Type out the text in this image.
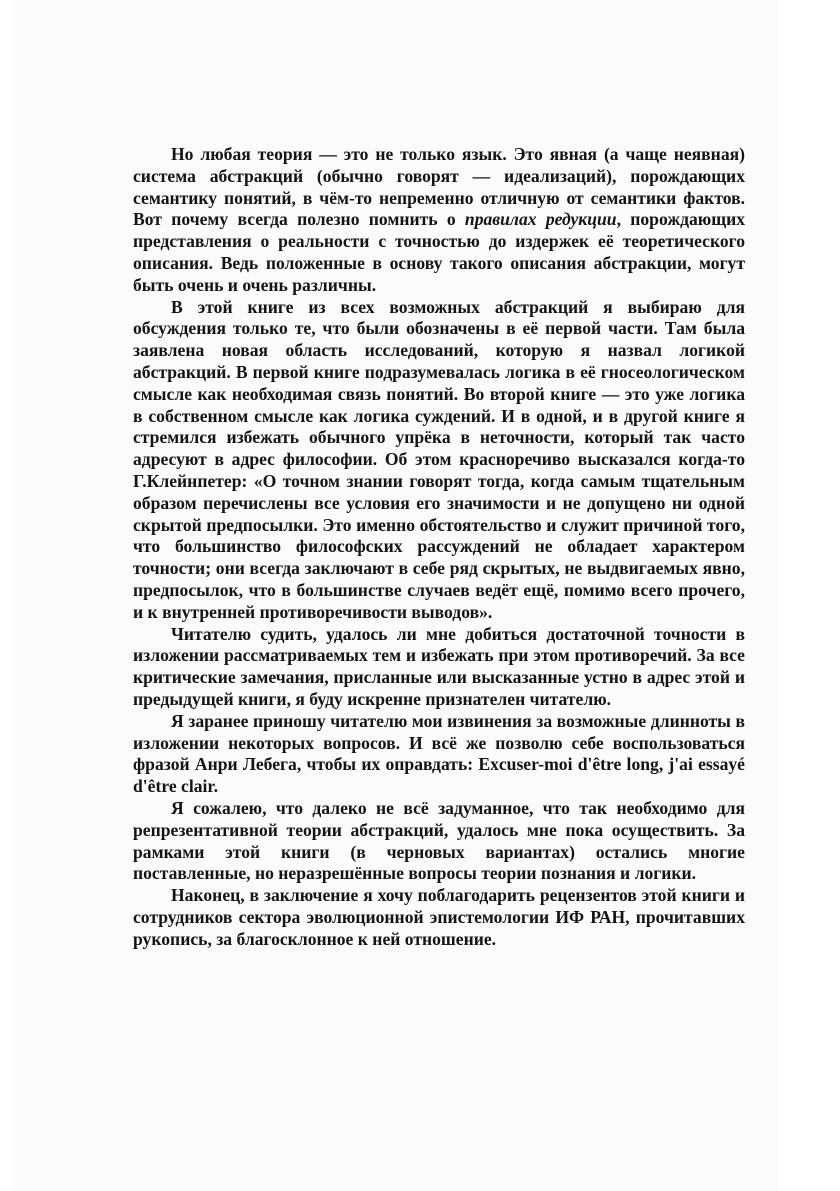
Но любая теория — это не только язык. Это явная (а чаще неявная) система абстракций (обычно говорят — идеализаций), порождающих семантику понятий, в чём-то непременно отличную от семантики фактов. Вот почему всегда полезно помнить о правилах редукции, порождающих представления о реальности с точностью до издержек её теоретического описания. Ведь положенные в основу такого описания абстракции, могут быть очень и очень различны.

В этой книге из всех возможных абстракций я выбираю для обсуждения только те, что были обозначены в её первой части. Там была заявлена новая область исследований, которую я назвал логикой абстракций. В первой книге подразумевалась логика в её гносеологическом смысле как необходимая связь понятий. Во второй книге — это уже логика в собственном смысле как логика суждений. И в одной, и в другой книге я стремился избежать обычного упрёка в неточности, который так часто адресуют в адрес философии. Об этом красноречиво высказался когда-то Г.Клейнпетер: «О точном знании говорят тогда, когда самым тщательным образом перечислены все условия его значимости и не допущено ни одной скрытой предпосылки. Это именно обстоятельство и служит причиной того, что большинство философских рассуждений не обладает характером точности; они всегда заключают в себе ряд скрытых, не выдвигаемых явно, предпосылок, что в большинстве случаев ведёт ещё, помимо всего прочего, и к внутренней противоречивости выводов».

Читателю судить, удалось ли мне добиться достаточной точности в изложении рассматриваемых тем и избежать при этом противоречий. За все критические замечания, присланные или высказанные устно в адрес этой и предыдущей книги, я буду искренне признателен читателю.

Я заранее приношу читателю мои извинения за возможные длинноты в изложении некоторых вопросов. И всё же позволю себе воспользоваться фразой Анри Лебега, чтобы их оправдать: Excuser-moi d'être long, j'ai essayé d'être clair.

Я сожалею, что далеко не всё задуманное, что так необходимо для репрезентативной теории абстракций, удалось мне пока осуществить. За рамками этой книги (в черновых вариантах) остались многие поставленные, но неразрешённые вопросы теории познания и логики.

Наконец, в заключение я хочу поблагодарить рецензентов этой книги и сотрудников сектора эволюционной эпистемологии ИФ РАН, прочитавших рукопись, за благосклонное к ней отношение.
